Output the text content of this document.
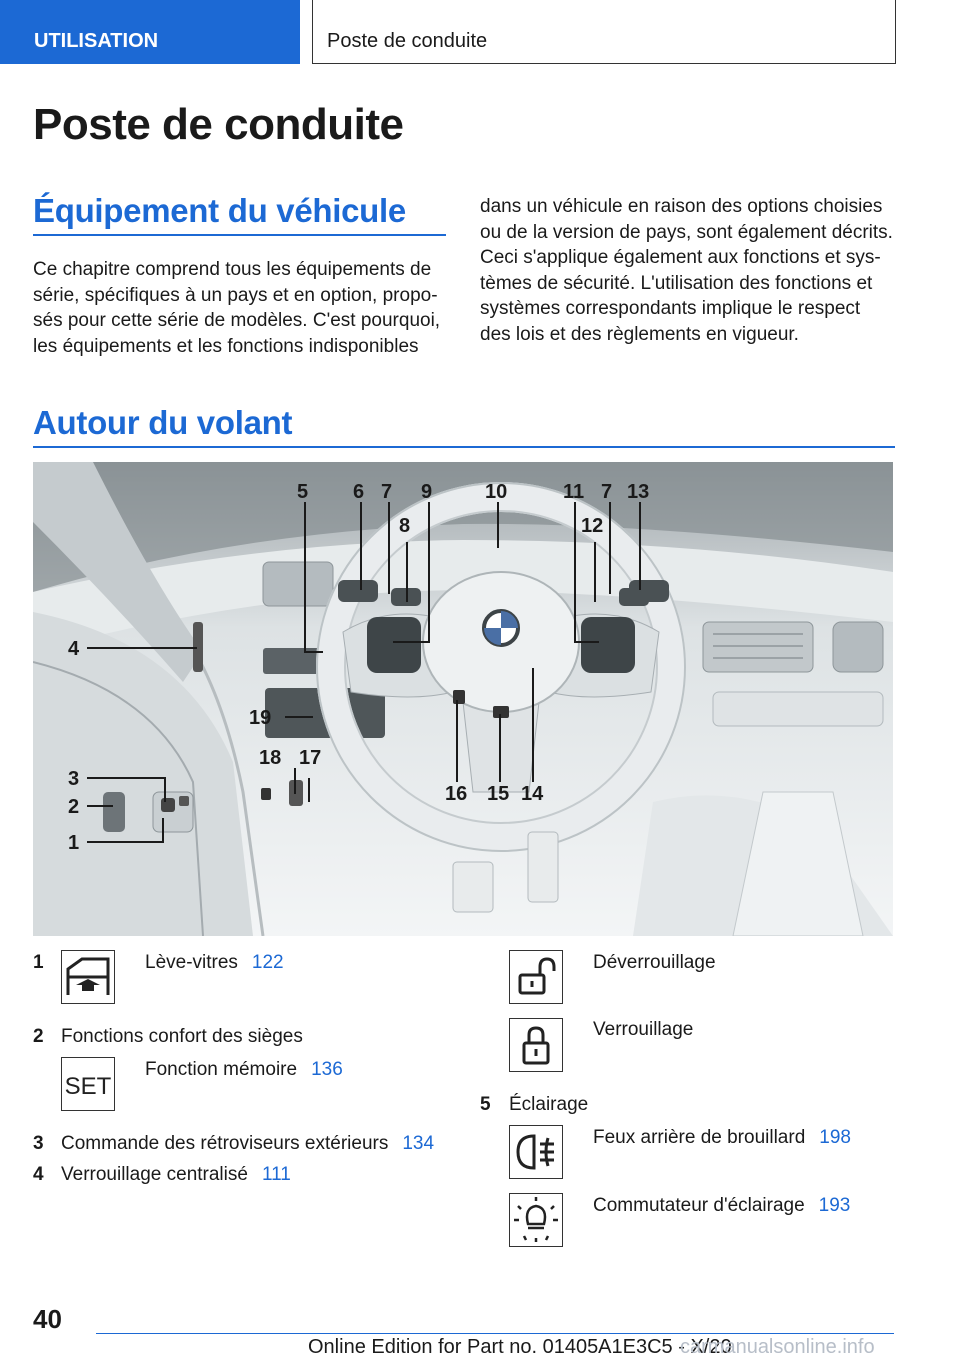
UTILISATION	Poste de conduite
Poste de conduite
Équipement du véhicule
Ce chapitre comprend tous les équipements de
série, spécifiques à un pays et en option, propo-
sés pour cette série de modèles. C'est pourquoi,
les équipements et les fonctions indisponibles
dans un véhicule en raison des options choisies
ou de la version de pays, sont également décrits.
Ceci s'applique également aux fonctions et sys-
tèmes de sécurité. L'utilisation des fonctions et
systèmes correspondants implique le respect
des lois et des règlements en vigueur.
Autour du volant
5 6 7
8
9	10	11
12
7 13
14
15
16
17
18
19
4
3
2
1
1	Lève-vitres 122
2 Fonctions confort des sièges
SET
Fonction mémoire 136
3 Commande des rétroviseurs extérieurs 134
4 Verrouillage centralisé 111
Déverrouillage
Verrouillage
5 Éclairage
Feux arrière de brouillard 198
Commutateur d'éclairage 193
40
Online Edition for Part no. 01405A1E3C5 - X/20
carmanualsonline.info
